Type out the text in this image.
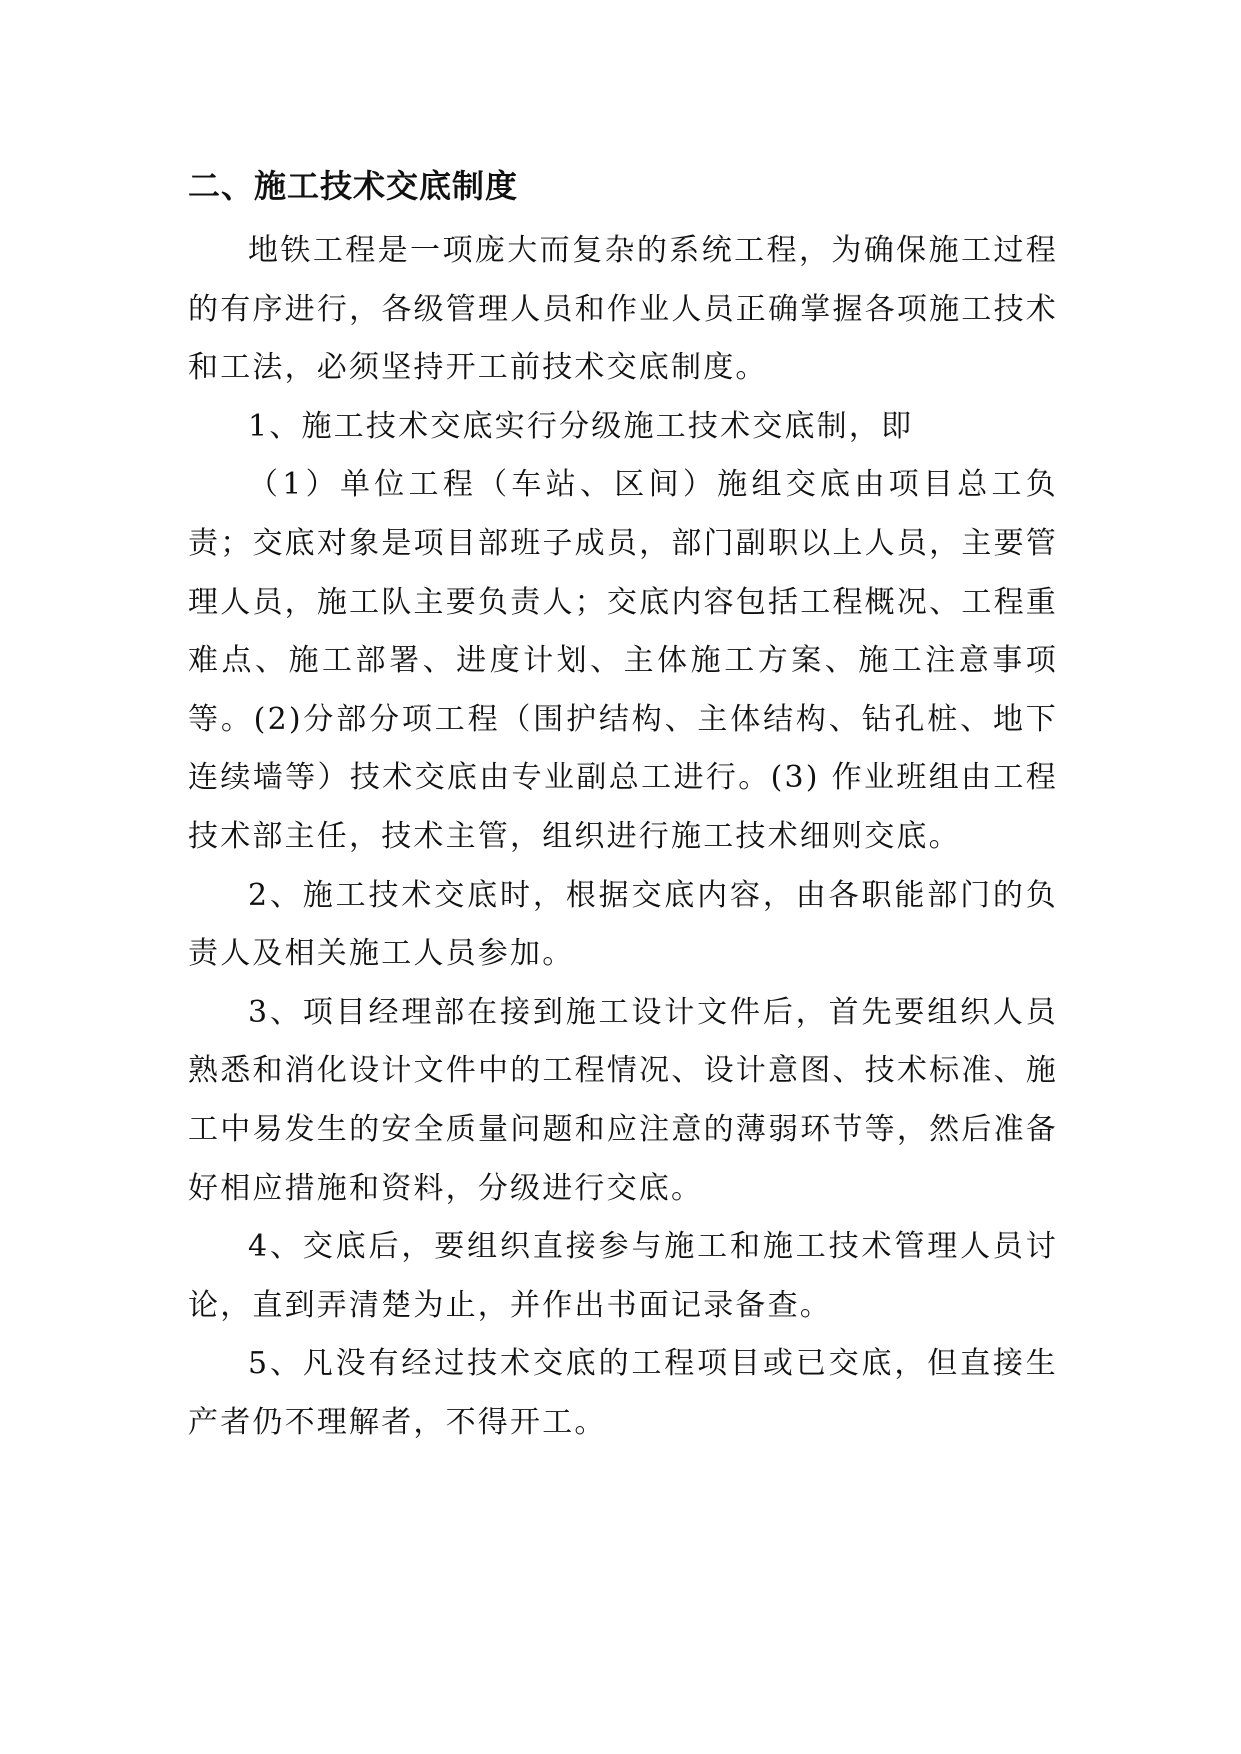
二、施工技术交底制度

地铁工程是一项庞大而复杂的系统工程，为确保施工过程的有序进行，各级管理人员和作业人员正确掌握各项施工技术和工法，必须坚持开工前技术交底制度。

1、施工技术交底实行分级施工技术交底制，即

（1）单位工程（车站、区间）施组交底由项目总工负责；交底对象是项目部班子成员，部门副职以上人员，主要管理人员，施工队主要负责人；交底内容包括工程概况、工程重难点、施工部署、进度计划、主体施工方案、施工注意事项等。(2)分部分项工程（围护结构、主体结构、钻孔桩、地下连续墙等）技术交底由专业副总工进行。(3) 作业班组由工程技术部主任，技术主管，组织进行施工技术细则交底。

2、施工技术交底时，根据交底内容，由各职能部门的负责人及相关施工人员参加。

3、项目经理部在接到施工设计文件后，首先要组织人员熟悉和消化设计文件中的工程情况、设计意图、技术标准、施工中易发生的安全质量问题和应注意的薄弱环节等，然后准备好相应措施和资料，分级进行交底。

4、交底后，要组织直接参与施工和施工技术管理人员讨论，直到弄清楚为止，并作出书面记录备查。

5、凡没有经过技术交底的工程项目或已交底，但直接生产者仍不理解者，不得开工。
